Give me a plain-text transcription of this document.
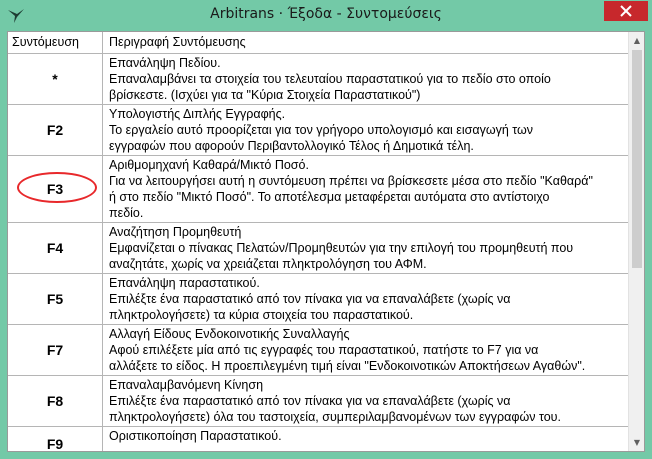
Arbitrans · Έξοδα - Συντομεύσεις
Συντόμευση	Περιγραφή Συντόμευσης
*
Επανάληψη Πεδίου.
Επαναλαμβάνει τα στοιχεία του τελευταίου παραστατικού για το πεδίο στο οποίο
βρίσκεστε. (Ισχύει για τα "Κύρια Στοιχεία Παραστατικού")
F2
Υπολογιστής Διπλής Εγγραφής.
Το εργαλείο αυτό προορίζεται για τον γρήγορο υπολογισμό και εισαγωγή των
εγγραφών που αφορούν Περιβαντολλογικό Τέλος ή Δημοτικά τέλη.
F3
Αριθμομηχανή Καθαρά/Μικτό Ποσό.
Για να λειτουργήσει αυτή η συντόμευση πρέπει να βρίσκεσετε μέσα στο πεδίο "Καθαρά"
ή στο πεδίο "Μικτό Ποσό". Το αποτέλεσμα μεταφέρεται αυτόματα στο αντίστοιχο
πεδίο.
F4
Αναζήτηση Προμηθευτή
Εμφανίζεται ο πίνακας Πελατών/Προμηθευτών για την επιλογή του προμηθευτή που
αναζητάτε, χωρίς να χρειάζεται πληκτρολόγηση του ΑΦΜ.
F5
Επανάληψη παραστατικού.
Επιλέξτε ένα παραστατικό από τον πίνακα για να επαναλάβετε (χωρίς να
πληκτρολογήσετε) τα κύρια στοιχεία του παραστατικού.
F7
Αλλαγή Είδους Ενδοκοινοτικής Συναλλαγής
Αφού επιλέξετε μία από τις εγγραφές του παραστατικού, πατήστε το F7 για να
αλλάξετε το είδος. Η προεπιλεγμένη τιμή είναι "Ενδοκοινοτικών Αποκτήσεων Αγαθών".
F8
Επαναλαμβανόμενη Κίνηση
Επιλέξτε ένα παραστατικό από τον πίνακα για να επαναλάβετε (χωρίς να
πληκτρολογήσετε) όλα του ταστοιχεία, συμπεριλαμβανομένων των εγγραφών του.
F9	Οριστικοποίηση Παραστατικού.

▲
▼
